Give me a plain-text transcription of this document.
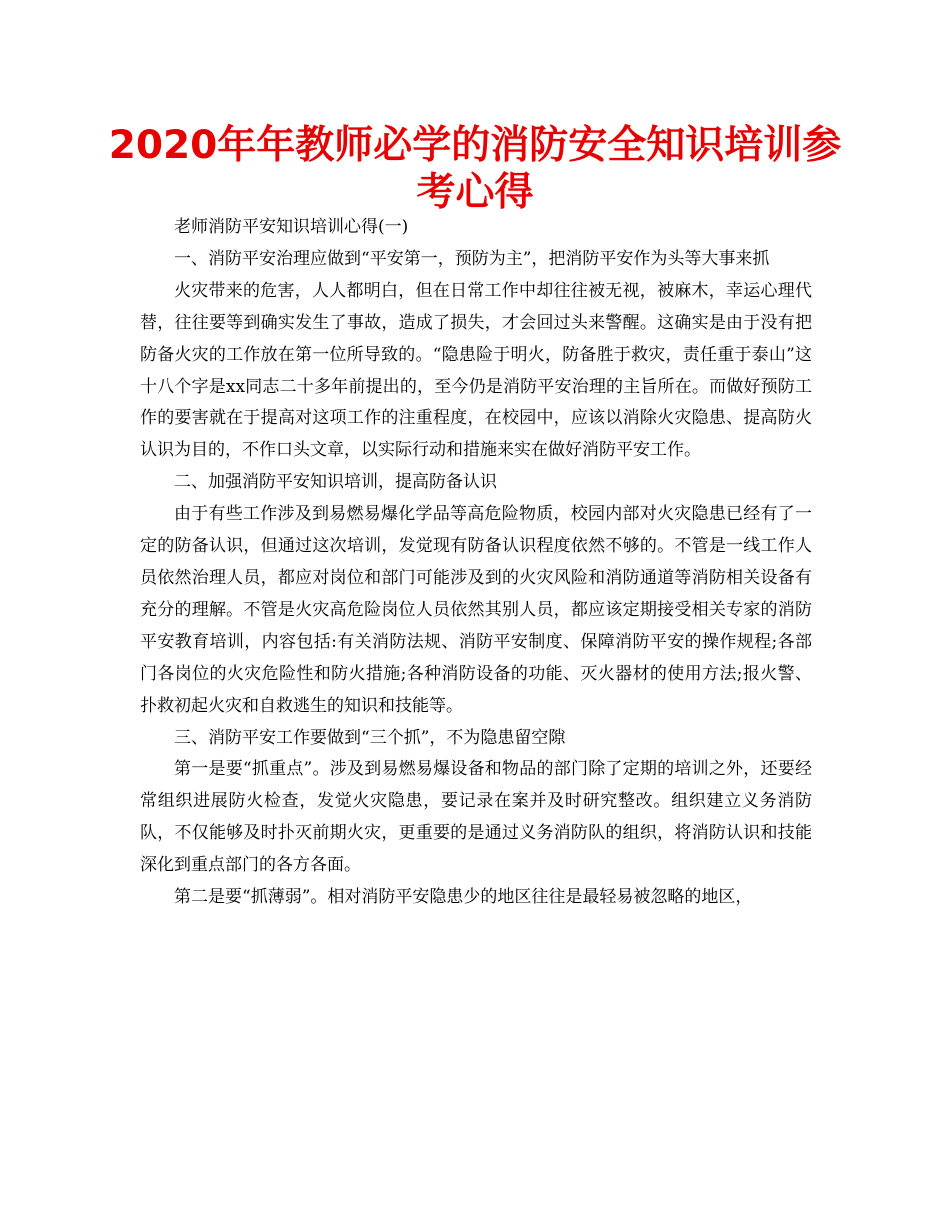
2020年年教师必学的消防安全知识培训参考心得

老师消防平安知识培训心得(一)

一、消防平安治理应做到“平安第一，预防为主”，把消防平安作为头等大事来抓

火灾带来的危害，人人都明白，但在日常工作中却往往被无视，被麻木，幸运心理代替，往往要等到确实发生了事故，造成了损失，才会回过头来警醒。这确实是由于没有把防备火灾的工作放在第一位所导致的。“隐患险于明火，防备胜于救灾，责任重于泰山”这十八个字是xx同志二十多年前提出的，至今仍是消防平安治理的主旨所在。而做好预防工作的要害就在于提高对这项工作的注重程度，在校园中，应该以消除火灾隐患、提高防火认识为目的，不作口头文章，以实际行动和措施来实在做好消防平安工作。

二、加强消防平安知识培训，提高防备认识

由于有些工作涉及到易燃易爆化学品等高危险物质，校园内部对火灾隐患已经有了一定的防备认识，但通过这次培训，发觉现有防备认识程度依然不够的。不管是一线工作人员依然治理人员，都应对岗位和部门可能涉及到的火灾风险和消防通道等消防相关设备有充分的理解。不管是火灾高危险岗位人员依然其别人员，都应该定期接受相关专家的消防平安教育培训，内容包括:有关消防法规、消防平安制度、保障消防平安的操作规程;各部门各岗位的火灾危险性和防火措施;各种消防设备的功能、灭火器材的使用方法;报火警、扑救初起火灾和自救逃生的知识和技能等。

三、消防平安工作要做到“三个抓”，不为隐患留空隙

第一是要“抓重点”。涉及到易燃易爆设备和物品的部门除了定期的培训之外，还要经常组织进展防火检查，发觉火灾隐患，要记录在案并及时研究整改。组织建立义务消防队，不仅能够及时扑灭前期火灾，更重要的是通过义务消防队的组织，将消防认识和技能深化到重点部门的各方各面。

第二是要“抓薄弱”。相对消防平安隐患少的地区往往是最轻易被忽略的地区，
